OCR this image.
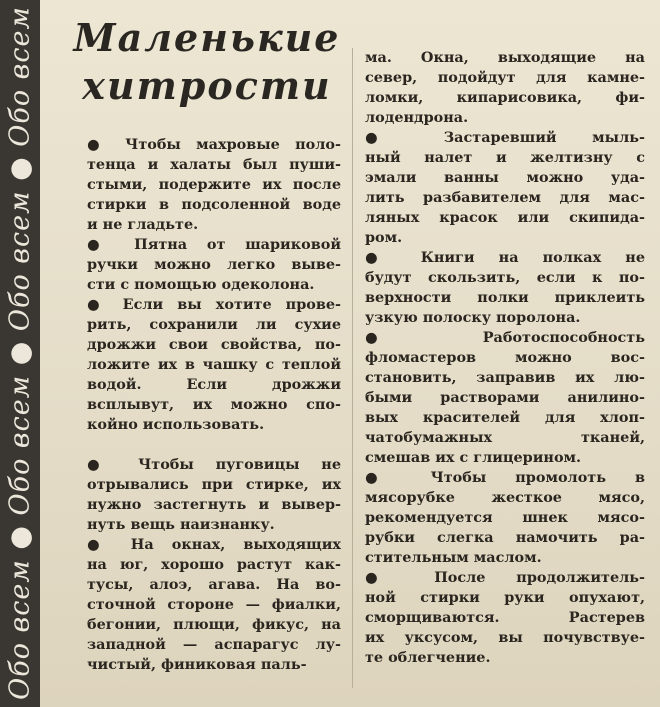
Обо всем ● Обо всем ● Обо всем ● Обо всем	Маленькие
хитрости
● Чтобы махровые поло-
тенца и халаты был пуши-
стыми, подержите их после
стирки в подсоленной воде
и не гладьте.
● Пятна от шариковой
ручки можно легко выве-
сти с помощью одеколона.
● Если вы хотите прове-
рить, сохранили ли сухие
дрожжи свои свойства, по-
ложите их в чашку с теплой
водой. Если дрожжи
всплывут, их можно спо-
койно использовать.
● Чтобы пуговицы не
отрывались при стирке, их
нужно застегнуть и вывер-
нуть вещь наизнанку.
● На окнах, выходящих
на юг, хорошо растут как-
тусы, алоэ, агава. На во-
сточной стороне — фиалки,
бегонии, плющи, фикус, на
западной — аспарагус лу-
чистый, финиковая паль-
ма. Окна, выходящие на
север, подойдут для камне-
ломки, кипарисовика, фи-
лодендрона.
● Застаревший мыль-
ный налет и желтизну с
эмали ванны можно уда-
лить разбавителем для мас-
ляных красок или скипида-
ром.
● Книги на полках не
будут скользить, если к по-
верхности полки приклеить
узкую полоску поролона.
● Работоспособность
фломастеров можно вос-
становить, заправив их лю-
быми растворами анилино-
вых красителей для хлоп-
чатобумажных тканей,
смешав их с глицерином.
● Чтобы промолоть в
мясорубке жесткое мясо,
рекомендуется шнек мясо-
рубки слегка намочить ра-
стительным маслом.
● После продолжитель-
ной стирки руки опухают,
сморщиваются. Растерев
их уксусом, вы почувствуе-
те облегчение.
